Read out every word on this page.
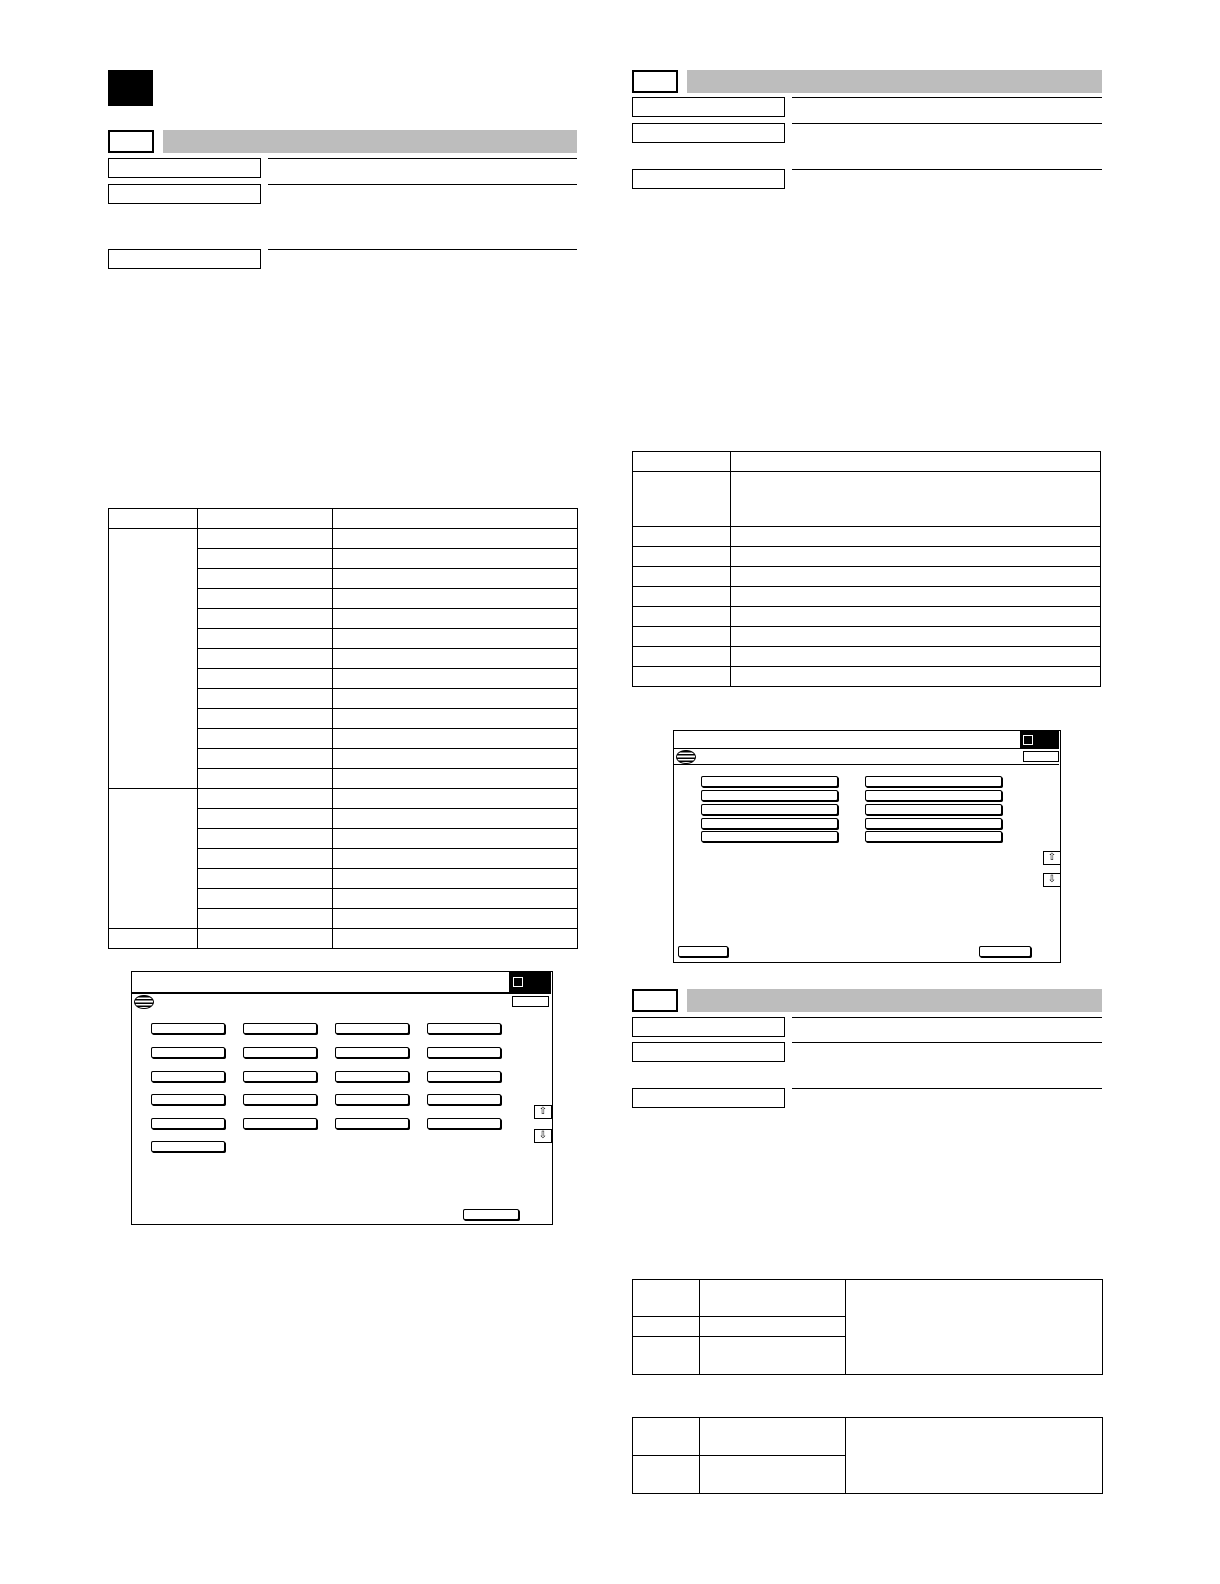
⇧
⇩

⇧
⇩
